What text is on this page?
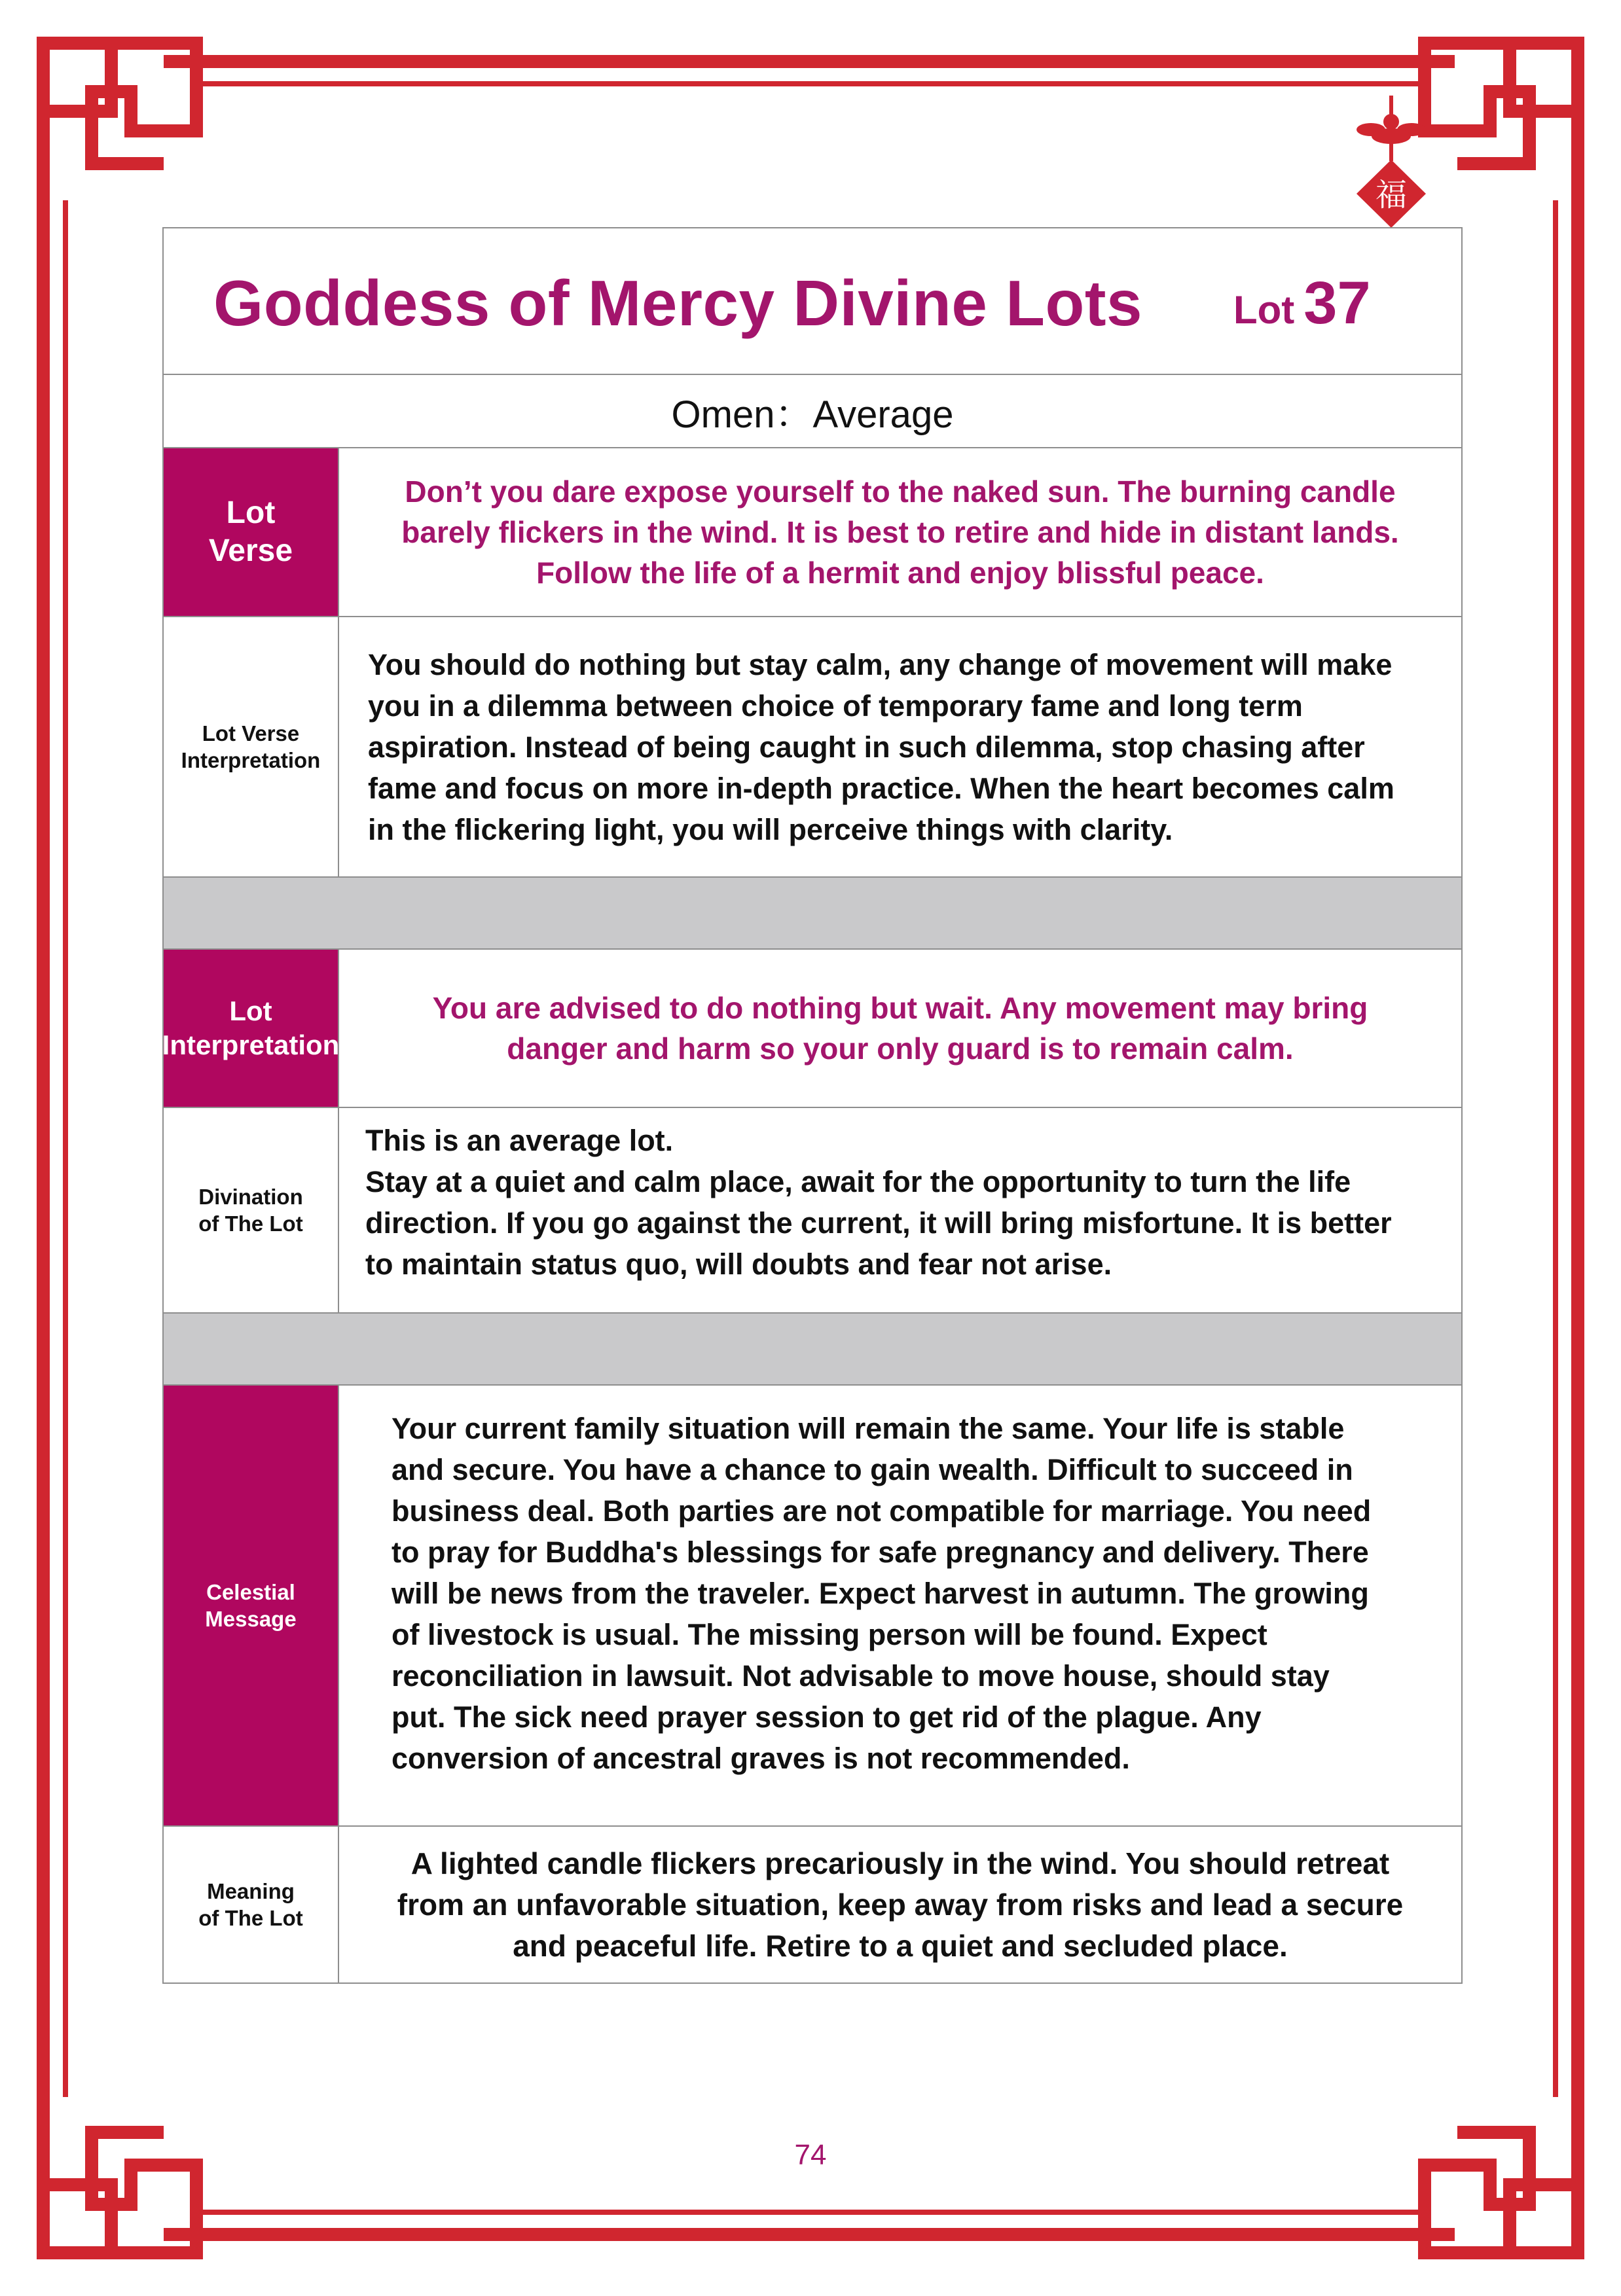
福
Goddess of Mercy Divine Lots Lot 37
Omen：Average
Lot
Verse
Don’t you dare expose yourself to the naked sun. The burning candle
barely flickers in the wind. It is best to retire and hide in distant lands.
Follow the life of a hermit and enjoy blissful peace.
Lot Verse
Interpretation
You should do nothing but stay calm, any change of movement will make
you in a dilemma between choice of temporary fame and long term
aspiration. Instead of being caught in such dilemma, stop chasing after
fame and focus on more in-depth practice. When the heart becomes calm
in the flickering light, you will perceive things with clarity.
Lot
Interpretation
You are advised to do nothing but wait. Any movement may bring
danger and harm so your only guard is to remain calm.
Divination
of The Lot
This is an average lot.
Stay at a quiet and calm place, await for the opportunity to turn the life
direction. If you go against the current, it will bring misfortune. It is better
to maintain status quo, will doubts and fear not arise.
Celestial
Message
Your current family situation will remain the same. Your life is stable
and secure. You have a chance to gain wealth. Difficult to succeed in
business deal. Both parties are not compatible for marriage. You need
to pray for Buddha's blessings for safe pregnancy and delivery. There
will be news from the traveler. Expect harvest in autumn. The growing
of livestock is usual. The missing person will be found. Expect
reconciliation in lawsuit. Not advisable to move house, should stay
put. The sick need prayer session to get rid of the plague. Any
conversion of ancestral graves is not recommended.
Meaning
of The Lot
A lighted candle flickers precariously in the wind. You should retreat
from an unfavorable situation, keep away from risks and lead a secure
and peaceful life. Retire to a quiet and secluded place.
74
